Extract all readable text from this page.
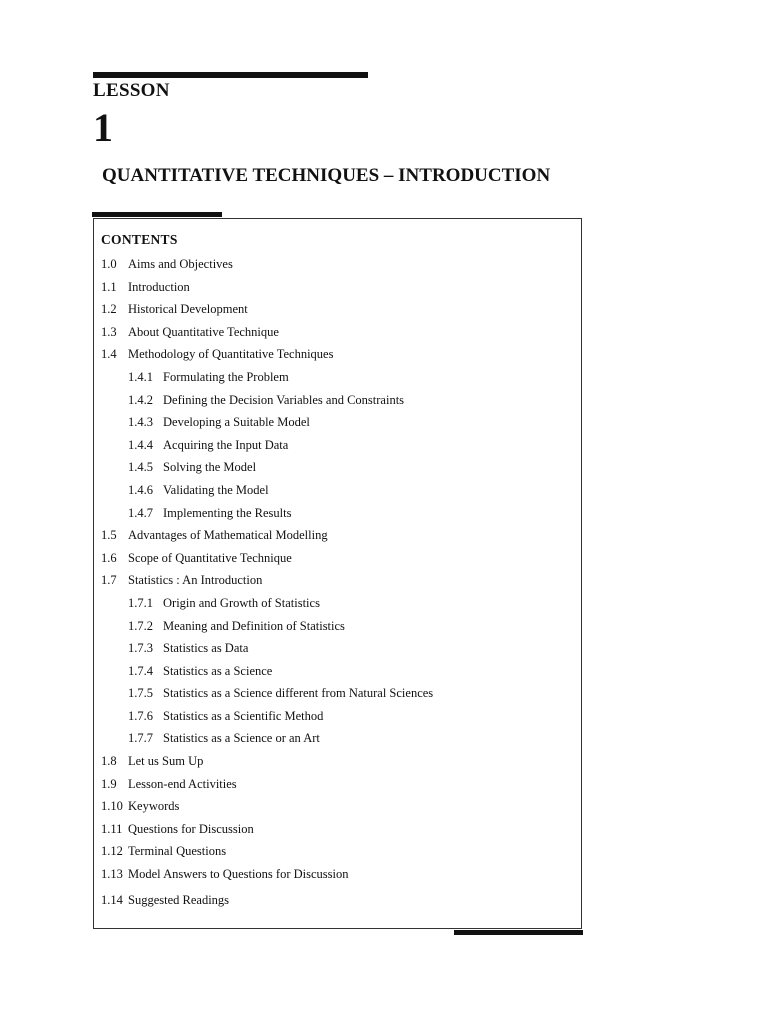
LESSON
1
QUANTITATIVE TECHNIQUES – INTRODUCTION
CONTENTS
1.0 Aims and Objectives
1.1 Introduction
1.2 Historical Development
1.3 About Quantitative Technique
1.4 Methodology of Quantitative Techniques
1.4.1 Formulating the Problem
1.4.2 Defining the Decision Variables and Constraints
1.4.3 Developing a Suitable Model
1.4.4 Acquiring the Input Data
1.4.5 Solving the Model
1.4.6 Validating the Model
1.4.7 Implementing the Results
1.5 Advantages of Mathematical Modelling
1.6 Scope of Quantitative Technique
1.7 Statistics : An Introduction
1.7.1 Origin and Growth of Statistics
1.7.2 Meaning and Definition of Statistics
1.7.3 Statistics as Data
1.7.4 Statistics as a Science
1.7.5 Statistics as a Science different from Natural Sciences
1.7.6 Statistics as a Scientific Method
1.7.7 Statistics as a Science or an Art
1.8 Let us Sum Up
1.9 Lesson-end Activities
1.10 Keywords
1.11 Questions for Discussion
1.12 Terminal Questions
1.13 Model Answers to Questions for Discussion
1.14 Suggested Readings
